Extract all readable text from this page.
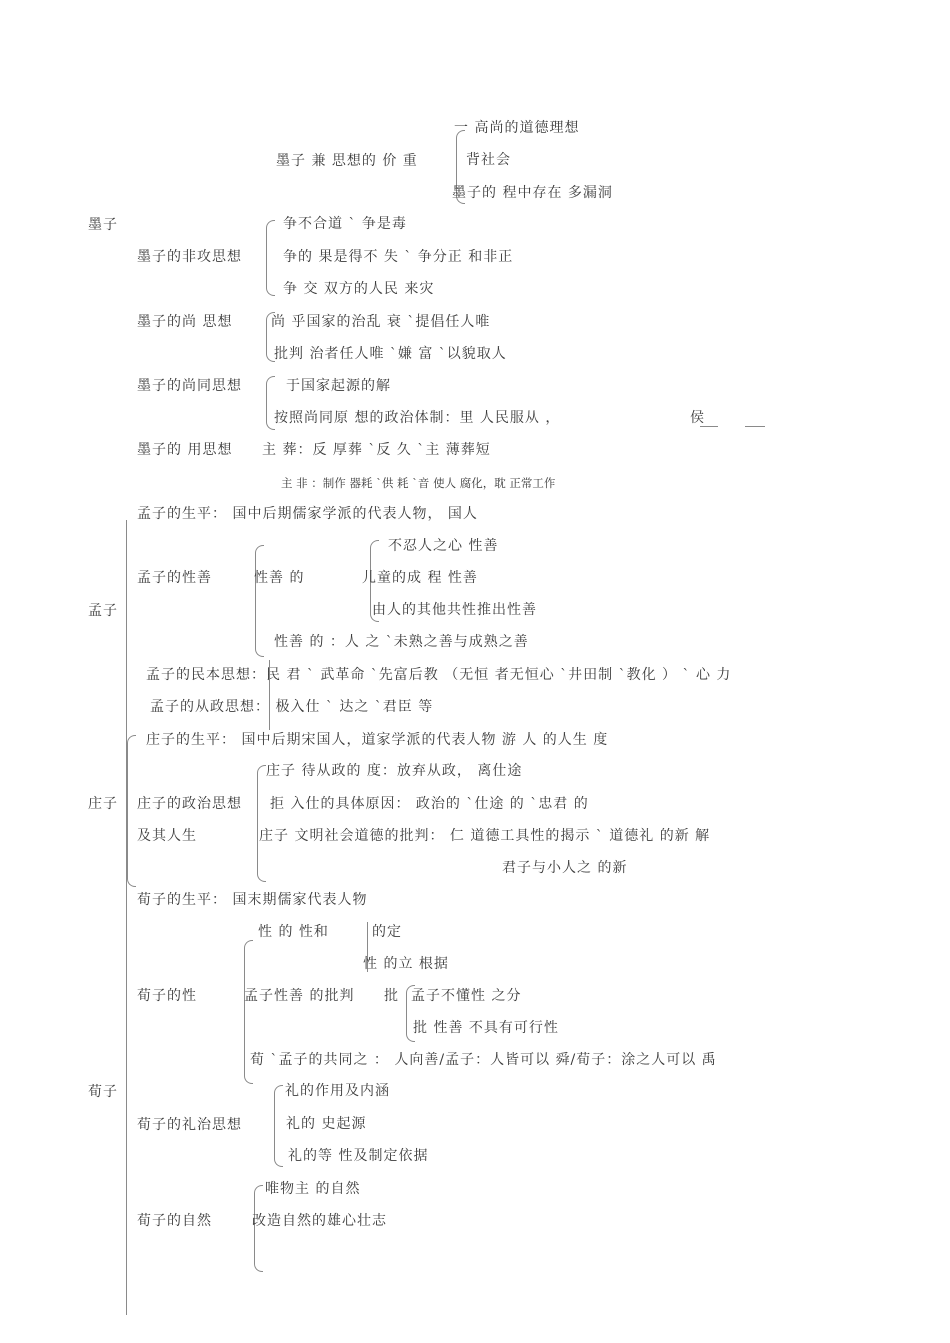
墨子
墨子 兼 思想的 价 重
一 高尚的道德理想
背社会
墨子的 程中存在 多漏洞
墨子的非攻思想
争不合道 ` 争是毒
争的 果是得不 失 ` 争分正 和非正
争 交 双方的人民 来灾
墨子的尚 思想	尚 乎国家的治乱 衰 `提倡任人唯
批判 治者任人唯 `嫌 富 `以貌取人
墨子的尚同思想	于国家起源的解
按照尚同原 想的政治体制：里 人民服从 ，	侯
墨子的 用思想 主 葬：反 厚葬 `反 久 `主 薄葬短
主 非 ：制作 器耗 `供 耗 `音 使人 腐化，耽 正常工作
孟子
孟子的生平： 国中后期儒家学派的代表人物， 国人
孟子的性善	性善 的
不忍人之心 性善
儿童的成 程 性善
由人的其他共性推出性善
性善 的 ：人 之 `未熟之善与成熟之善
孟子的民本思想：民 君 ` 武革命 `先富后教 （无恒 者无恒心 `井田制 `教化 ） ` 心 力
孟子的从政思想： 极入仕 ` 达之 `君臣 等
庄子
庄子的生平： 国中后期宋国人，道家学派的代表人物 游 人 的人生 度
庄子的政治思想
及其人生
庄子 待从政的 度：放弃从政， 离仕途
拒 入仕的具体原因： 政治的 `仕途 的 `忠君 的
庄子 文明社会道德的批判： 仁 道德工具性的揭示 ` 道德礼 的新 解
君子与小人之 的新
荀子
荀子的生平： 国末期儒家代表人物
荀子的性
性 的 性和	的定
性 的立 根据
孟子性善 的批判 批 孟子不懂性 之分
批 性善 不具有可行性
荀 `孟子的共同之 ： 人向善/孟子：人皆可以 舜/荀子：涂之人可以 禹
荀子的礼治思想
礼的作用及内涵
礼的 史起源
礼的等 性及制定依据
荀子的自然
唯物主 的自然
改造自然的雄心壮志
